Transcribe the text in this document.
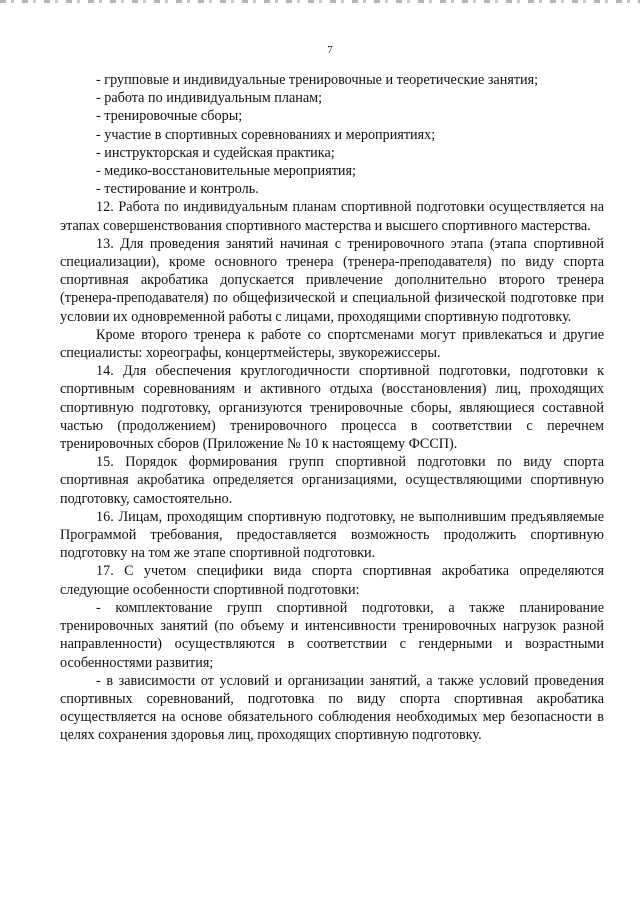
7

- групповые и индивидуальные тренировочные и теоретические занятия;

- работа по индивидуальным планам;

- тренировочные сборы;

- участие в спортивных соревнованиях и мероприятиях;

- инструкторская и судейская практика;

- медико-восстановительные мероприятия;

- тестирование и контроль.

12. Работа по индивидуальным планам спортивной подготовки осуществляется на этапах совершенствования спортивного мастерства и высшего спортивного мастерства.

13. Для проведения занятий начиная с тренировочного этапа (этапа спортивной специализации), кроме основного тренера (тренера-преподавателя) по виду спорта спортивная акробатика допускается привлечение дополнительно второго тренера (тренера-преподавателя) по общефизической и специальной физической подготовке при условии их одновременной работы с лицами, проходящими спортивную подготовку.

Кроме второго тренера к работе со спортсменами могут привлекаться и другие специалисты: хореографы, концертмейстеры, звукорежиссеры.

14. Для обеспечения круглогодичности спортивной подготовки, подготовки к спортивным соревнованиям и активного отдыха (восстановления) лиц, проходящих спортивную подготовку, организуются тренировочные сборы, являющиеся составной частью (продолжением) тренировочного процесса в соответствии с перечнем тренировочных сборов (Приложение № 10 к настоящему ФССП).

15. Порядок формирования групп спортивной подготовки по виду спорта спортивная акробатика определяется организациями, осуществляющими спортивную подготовку, самостоятельно.

16. Лицам, проходящим спортивную подготовку, не выполнившим предъявляемые Программой требования, предоставляется возможность продолжить спортивную подготовку на том же этапе спортивной подготовки.

17. С учетом специфики вида спорта спортивная акробатика определяются следующие особенности спортивной подготовки:

- комплектование групп спортивной подготовки, а также планирование тренировочных занятий (по объему и интенсивности тренировочных нагрузок разной направленности) осуществляются в соответствии с гендерными и возрастными особенностями развития;

- в зависимости от условий и организации занятий, а также условий проведения спортивных соревнований, подготовка по виду спорта спортивная акробатика осуществляется на основе обязательного соблюдения необходимых мер безопасности в целях сохранения здоровья лиц, проходящих спортивную подготовку.
